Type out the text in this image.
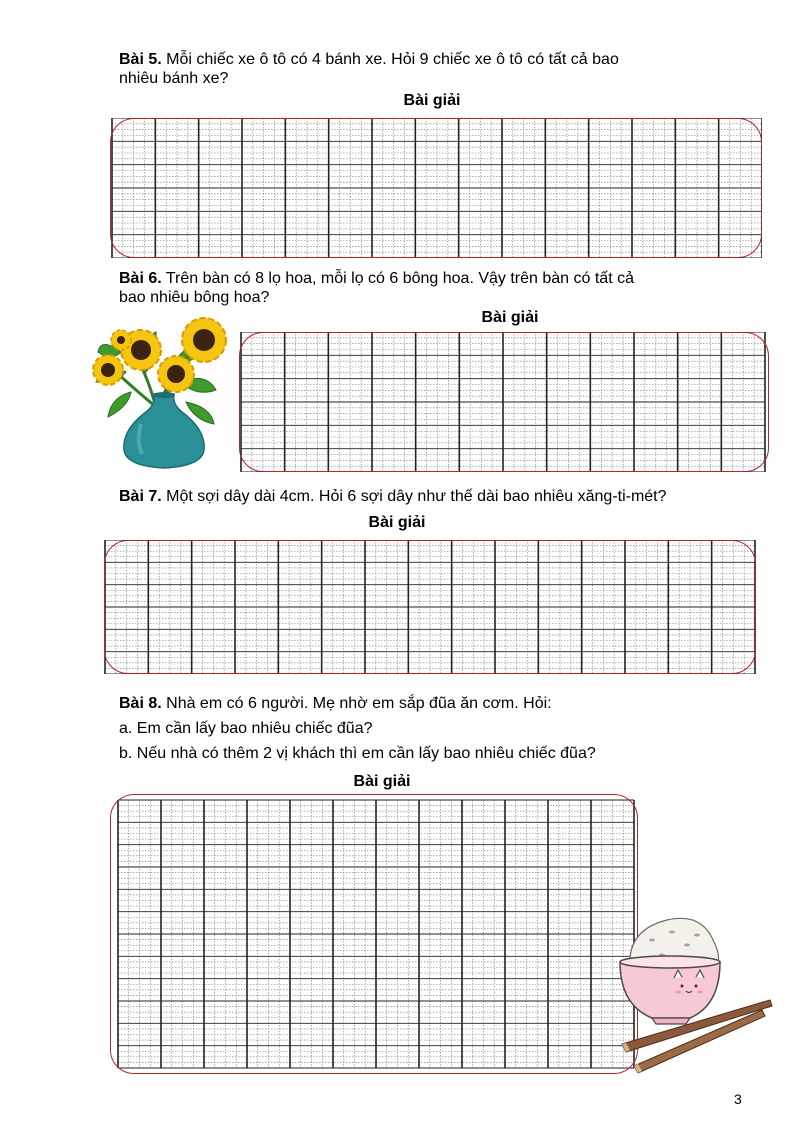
Bài 5. Mỗi chiếc xe ô tô có 4 bánh xe. Hỏi 9 chiếc xe ô tô có tất cả bao
nhiêu bánh xe?
Bài giải
Bài 6. Trên bàn có 8 lọ hoa, mỗi lọ có 6 bông hoa. Vậy trên bàn có tất cả
bao nhiêu bông hoa?
Bài giải
Bài 7. Một sợi dây dài 4cm. Hỏi 6 sợi dây như thế dài bao nhiêu xăng-ti-mét?
Bài giải
Bài 8. Nhà em có 6 người. Mẹ nhờ em sắp đũa ăn cơm. Hỏi:
a. Em cần lấy bao nhiêu chiếc đũa?
b. Nếu nhà có thêm 2 vị khách thì em cần lấy bao nhiêu chiếc đũa?
Bài giải
3
